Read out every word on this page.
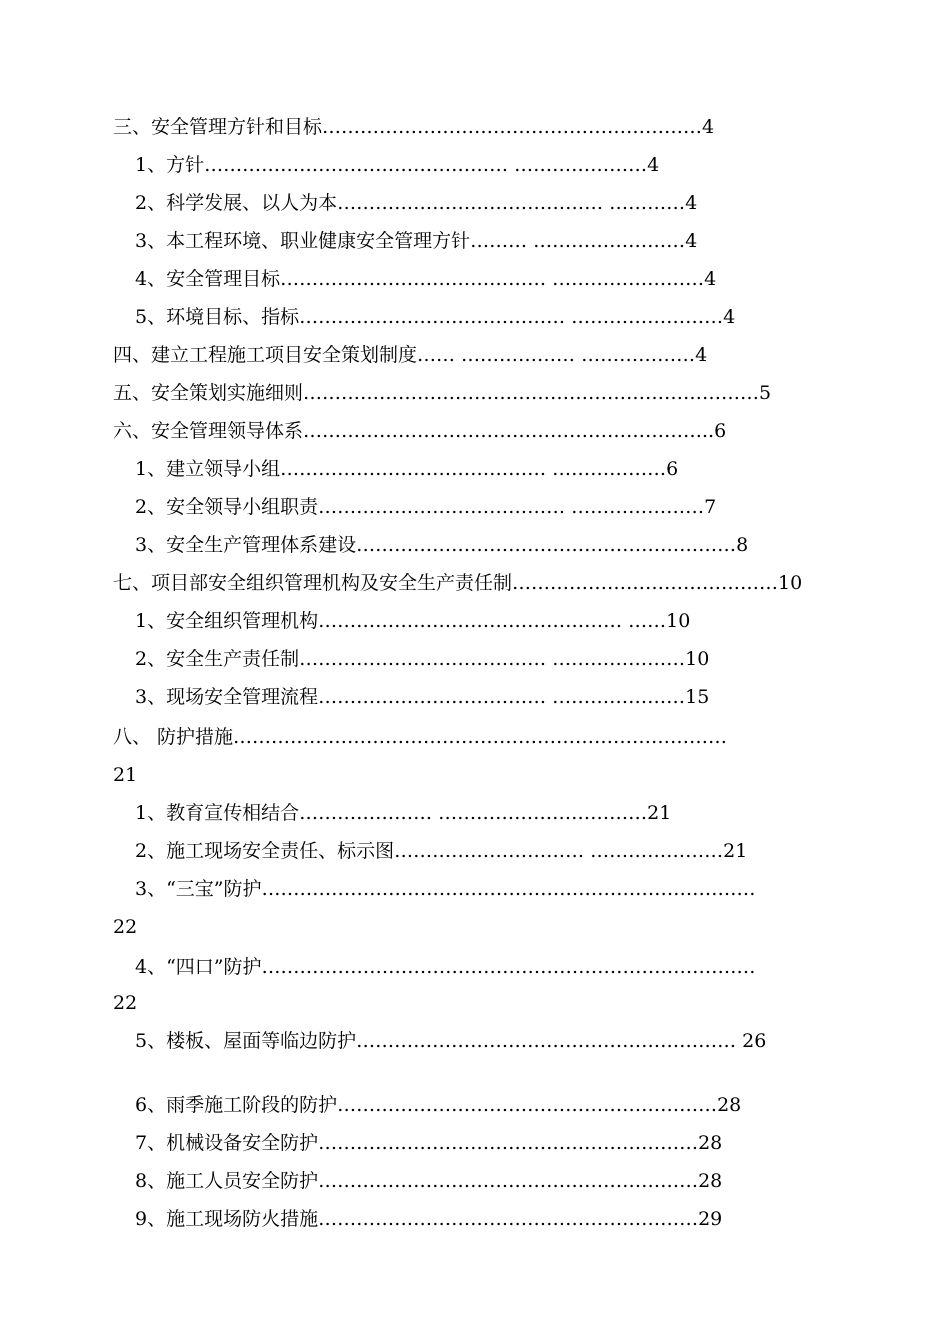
三、安全管理方针和目标……………………………………………………4
1、方针………………………………………… …………………4
2、科学发展、以人为本…………………………………… …………4
3、本工程环境、职业健康安全管理方针……… ……………………4
4、安全管理目标…………………………………… ……………………4
5、环境目标、指标…………………………………… ……………………4
四、建立工程施工项目安全策划制度…… ……………… ………………4
五、安全策划实施细则………………………………………………………………5
六、安全管理领导体系………………………………………………………..6
1、建立领导小组…………………………………… ………………6
2、安全领导小组职责………………………………… …………………7
3、安全生产管理体系建设……………………………………………………8
七、项目部安全组织管理机构及安全生产责任制……………………………………10
1、安全组织管理机构………………………………………… ……10
2、安全生产责任制………………………………… …………………10
3、现场安全管理流程……………………………… …………………15
八、 防护措施……………………………………………………………………
21
1、教育宣传相结合………………… ……………………………21
2、施工现场安全责任、标示图………………………… …………………21
3、“三宝”防护……………………………………………………………………
22
4、“四口”防护……………………………………………………………………
22
5、楼板、屋面等临边防护…………………………………………………… 26
6、雨季施工阶段的防护……………………………………………………28
7、机械设备安全防护……………………………………………………28
8、施工人员安全防护……………………………………………………28
9、施工现场防火措施……………………………………………………29
